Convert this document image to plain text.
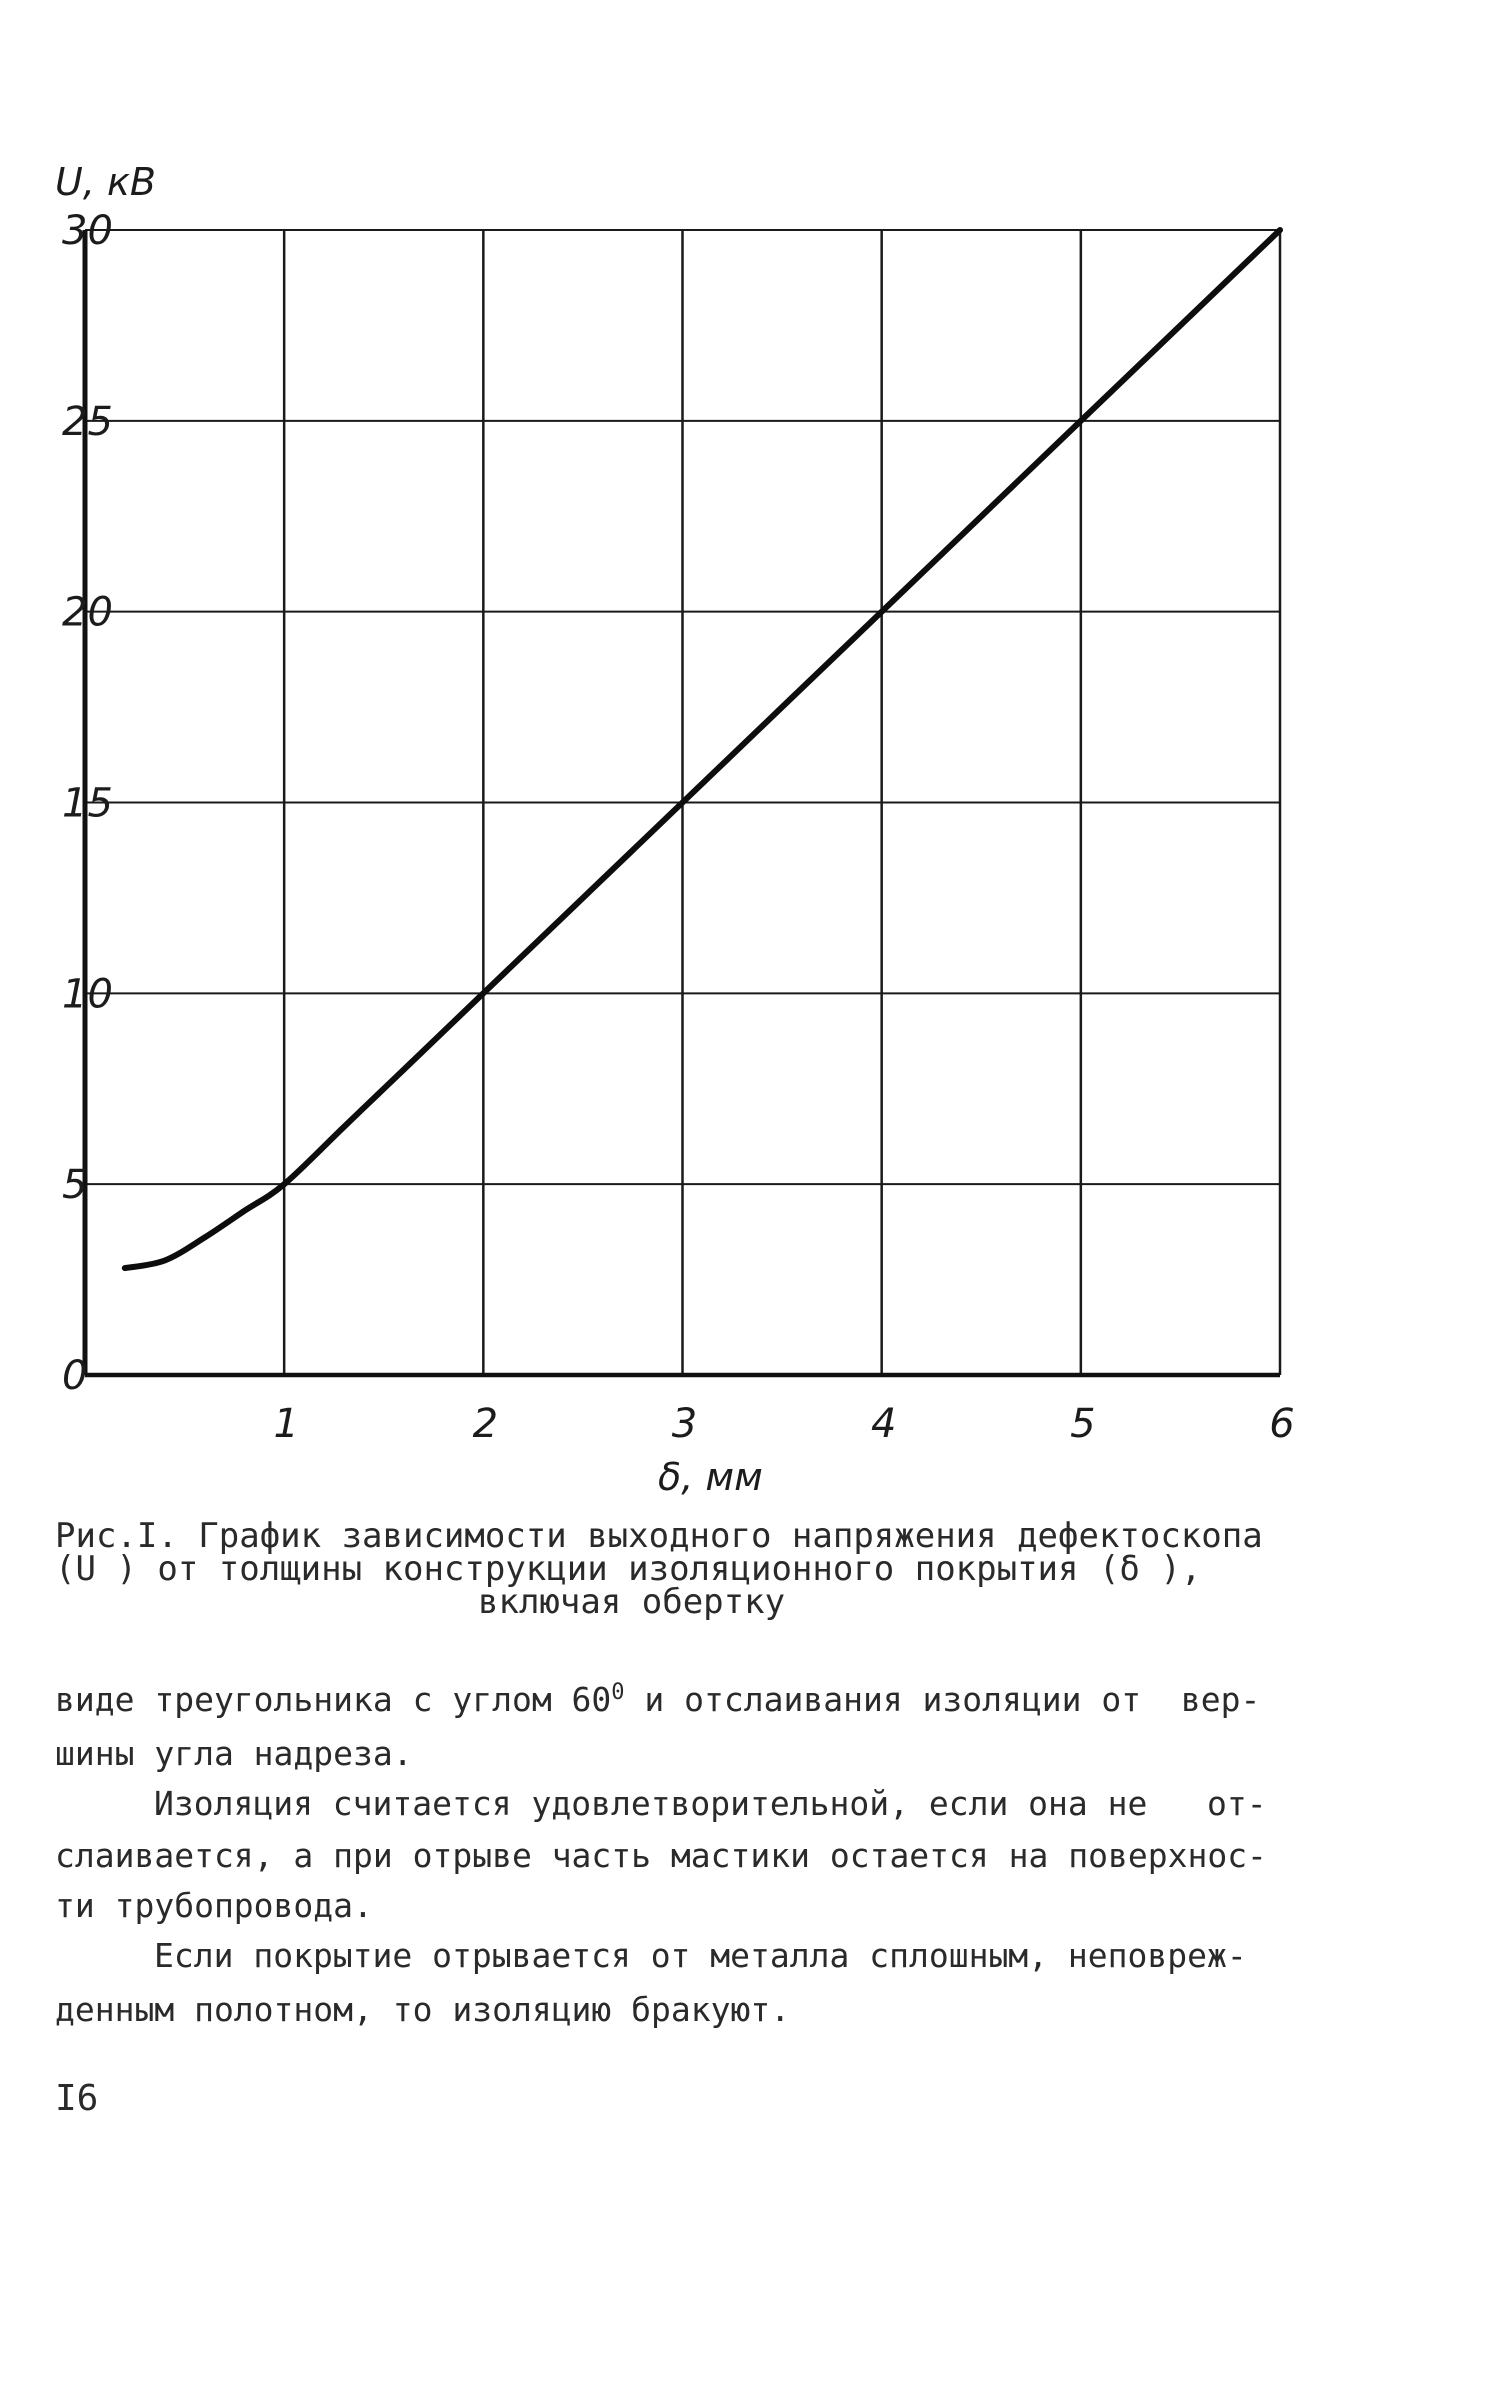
0
5
10
15
20
25
30
1	2	3	4	5	6
U, кВ
δ, мм
Рис.I. График зависимости выходного напряжения дефектоскопа
(U ) от толщины конструкции изоляционного покрытия (δ ),
включая обертку
виде треугольника с углом $60^0$ и отслаивания изоляции от  вер-
шины угла надреза.
Изоляция считается удовлетворительной, если она не   от-
слаивается, а при отрыве часть мастики остается на поверхнос-
ти трубопровода.
Если покрытие отрывается от металла сплошным, неповреж-
денным полотном, то изоляцию бракуют.
I6
